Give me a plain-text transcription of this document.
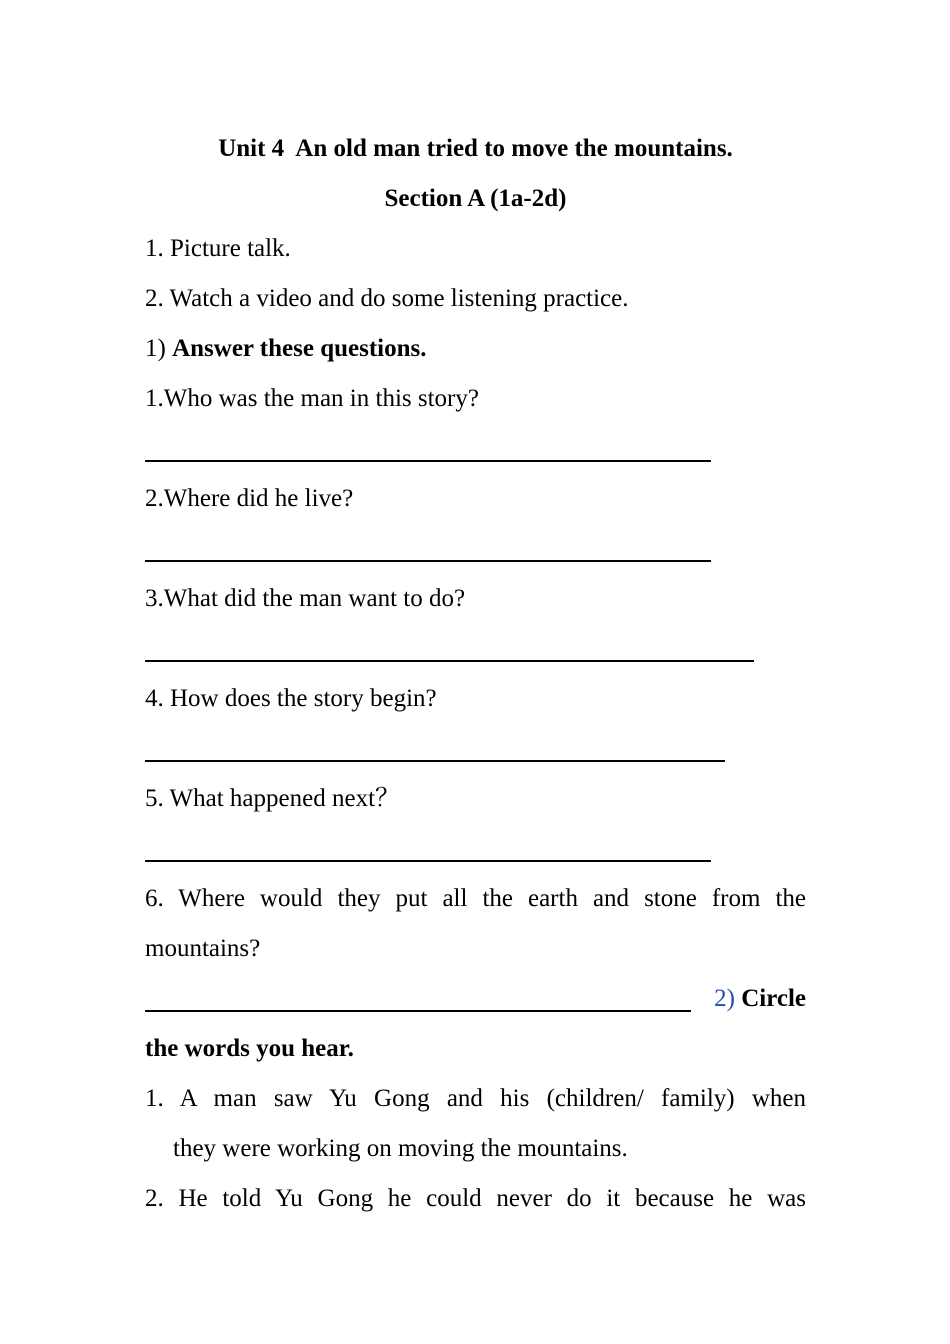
Unit 4  An old man tried to move the mountains.
Section A (1a-2d)
1. Picture talk.
2. Watch a video and do some listening practice.
1) Answer these questions.
1.Who was the man in this story?
2.Where did he live?
3.What did the man want to do?
4. How does the story begin?
5. What happened next？
6. Where would they put all the earth and stone from the
mountains?
2) Circle
the words you hear.
1. A man saw Yu Gong and his (children/ family) when
they were working on moving the mountains.
2. He told Yu Gong he could never do it because he was
